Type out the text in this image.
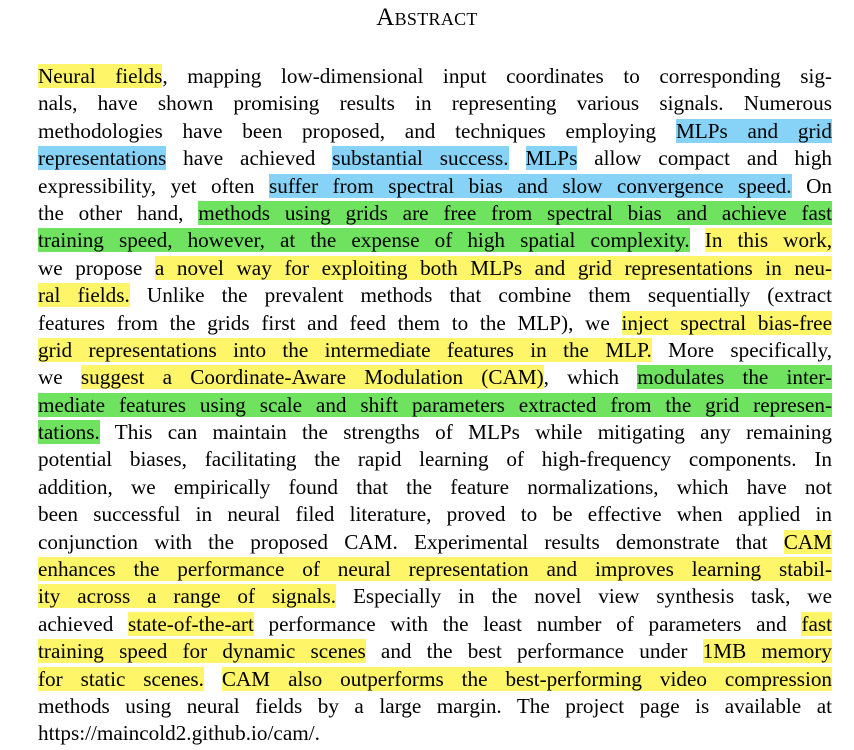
Abstract
Neural fields, mapping low-dimensional input coordinates to corresponding sig-
nals, have shown promising results in representing various signals. Numerous
methodologies have been proposed, and techniques employing MLPs and grid
representations have achieved substantial success. MLPs allow compact and high
expressibility, yet often suffer from spectral bias and slow convergence speed. On
the other hand, methods using grids are free from spectral bias and achieve fast
training speed, however, at the expense of high spatial complexity. In this work,
we propose a novel way for exploiting both MLPs and grid representations in neu-
ral fields. Unlike the prevalent methods that combine them sequentially (extract
features from the grids first and feed them to the MLP), we inject spectral bias-free
grid representations into the intermediate features in the MLP. More specifically,
we suggest a Coordinate-Aware Modulation (CAM), which modulates the inter-
mediate features using scale and shift parameters extracted from the grid represen-
tations. This can maintain the strengths of MLPs while mitigating any remaining
potential biases, facilitating the rapid learning of high-frequency components. In
addition, we empirically found that the feature normalizations, which have not
been successful in neural filed literature, proved to be effective when applied in
conjunction with the proposed CAM. Experimental results demonstrate that CAM
enhances the performance of neural representation and improves learning stabil-
ity across a range of signals. Especially in the novel view synthesis task, we
achieved state-of-the-art performance with the least number of parameters and fast
training speed for dynamic scenes and the best performance under 1MB memory
for static scenes. CAM also outperforms the best-performing video compression
methods using neural fields by a large margin. The project page is available at
https://maincold2.github.io/cam/.
